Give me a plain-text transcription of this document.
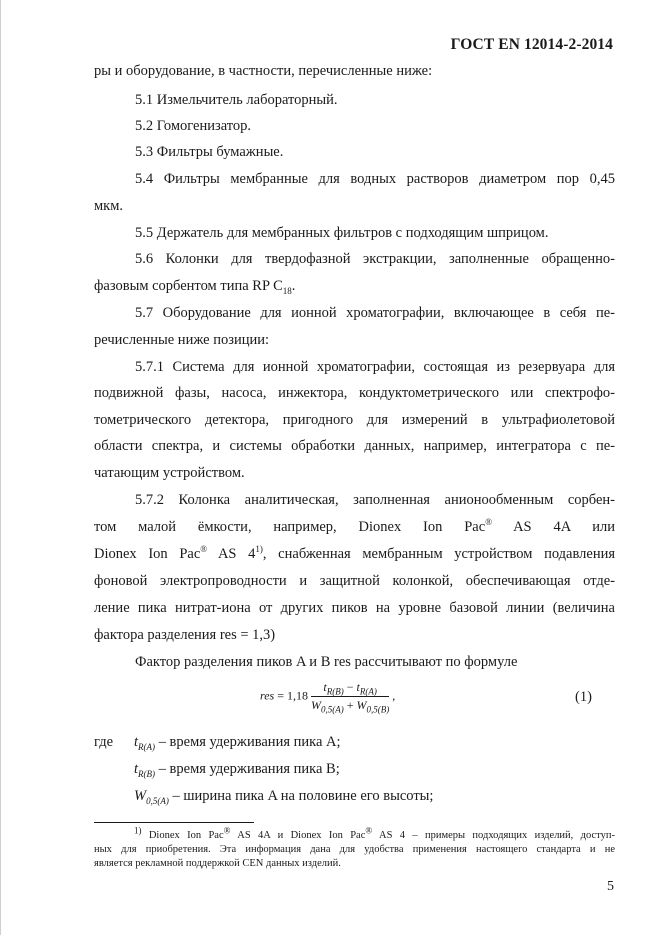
ГОСТ EN 12014-2-2014
ры и оборудование, в частности, перечисленные ниже:
5.1 Измельчитель лабораторный.
5.2 Гомогенизатор.
5.3 Фильтры бумажные.
5.4 Фильтры мембранные для водных растворов диаметром пор 0,45
мкм.
5.5 Держатель для мембранных фильтров с подходящим шприцом.
5.6 Колонки для твердофазной экстракции, заполненные обращенно-
фазовым сорбентом типа RP $C_{18}$.
5.7 Оборудование для ионной хроматографии, включающее в себя пе-
речисленные ниже позиции:
5.7.1 Система для ионной хроматографии, состоящая из резервуара для
подвижной фазы, насоса, инжектора, кондуктометрического или спектрофо-
тометрического детектора, пригодного для измерений в ультрафиолетовой
области спектра, и системы обработки данных, например, интегратора с пе-
чатающим устройством.
5.7.2 Колонка аналитическая, заполненная анионообменным сорбен-
том малой ёмкости, например, Dionex Ion Pac® AS 4A или
Dionex Ion Pac® AS 4$^{1)}$, снабженная мембранным устройством подавления
фоновой электропроводности и защитной колонкой, обеспечивающая отде-
ление пика нитрат-иона от других пиков на уровне базовой линии (величина
фактора разделения res = 1,3)
Фактор разделения пиков A и B res рассчитывают по формуле
res = $1,18 \frac{t_{R(B)} - t_{R(A)}}{W_{0,5(A)} + W_{0,5(B)}}$ ,	(1)
где $t_{R(A)}$ – время удерживания пика A;
$t_{R(B)}$ – время удерживания пика B;
$W_{0,5(A)}$ – ширина пика A на половине его высоты;
$^{1)}$ Dionex Ion Pac® AS 4A и Dionex Ion Pac® AS 4 – примеры подходящих изделий, доступ-
ных для приобретения. Эта информация дана для удобства применения настоящего стандарта и не
является рекламной поддержкой CEN данных изделий.
5
